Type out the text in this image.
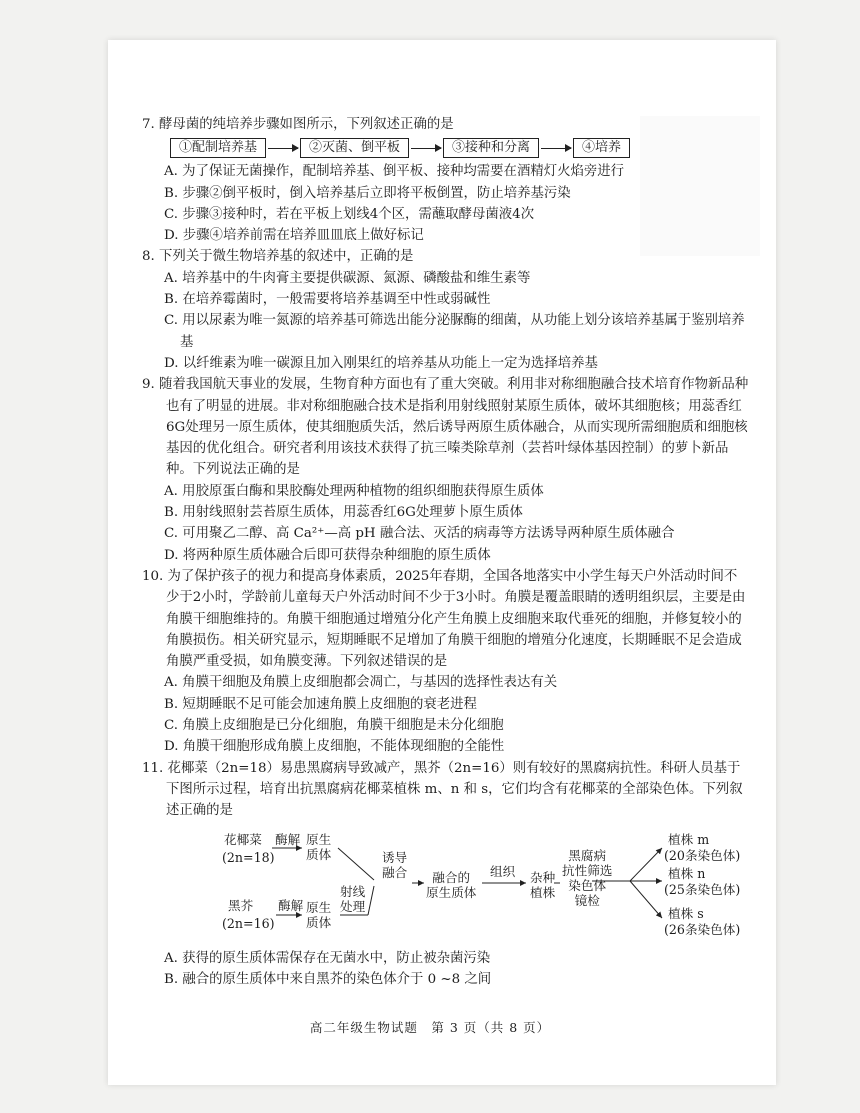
7. 酵母菌的纯培养步骤如图所示，下列叙述正确的是

①配制培养基	②灭菌、倒平板	③接种和分离	④培养

A. 为了保证无菌操作，配制培养基、倒平板、接种均需要在酒精灯火焰旁进行

B. 步骤②倒平板时，倒入培养基后立即将平板倒置，防止培养基污染

C. 步骤③接种时，若在平板上划线4个区，需蘸取酵母菌液4次

D. 步骤④培养前需在培养皿皿底上做好标记

8. 下列关于微生物培养基的叙述中，正确的是

A. 培养基中的牛肉膏主要提供碳源、氮源、磷酸盐和维生素等

B. 在培养霉菌时，一般需要将培养基调至中性或弱碱性

C. 用以尿素为唯一氮源的培养基可筛选出能分泌脲酶的细菌，从功能上划分该培养基属于鉴别培养基

D. 以纤维素为唯一碳源且加入刚果红的培养基从功能上一定为选择培养基

9. 随着我国航天事业的发展，生物育种方面也有了重大突破。利用非对称细胞融合技术培育作物新品种也有了明显的进展。非对称细胞融合技术是指利用射线照射某原生质体，破坏其细胞核；用蕊香红6G处理另一原生质体，使其细胞质失活，然后诱导两原生质体融合，从而实现所需细胞质和细胞核基因的优化组合。研究者利用该技术获得了抗三嗪类除草剂（芸苔叶绿体基因控制）的萝卜新品种。下列说法正确的是

A. 用胶原蛋白酶和果胶酶处理两种植物的组织细胞获得原生质体

B. 用射线照射芸苔原生质体，用蕊香红6G处理萝卜原生质体

C. 可用聚乙二醇、高 Ca²⁺—高 pH 融合法、灭活的病毒等方法诱导两种原生质体融合

D. 将两种原生质体融合后即可获得杂种细胞的原生质体

10. 为了保护孩子的视力和提高身体素质，2025年春期，全国各地落实中小学生每天户外活动时间不少于2小时，学龄前儿童每天户外活动时间不少于3小时。角膜是覆盖眼睛的透明组织层，主要是由角膜干细胞维持的。角膜干细胞通过增殖分化产生角膜上皮细胞来取代垂死的细胞，并修复较小的角膜损伤。相关研究显示，短期睡眠不足增加了角膜干细胞的增殖分化速度，长期睡眠不足会造成角膜严重受损，如角膜变薄。下列叙述错误的是

A. 角膜干细胞及角膜上皮细胞都会凋亡，与基因的选择性表达有关

B. 短期睡眠不足可能会加速角膜上皮细胞的衰老进程

C. 角膜上皮细胞是已分化细胞，角膜干细胞是未分化细胞

D. 角膜干细胞形成角膜上皮细胞，不能体现细胞的全能性

11. 花椰菜（2n=18）易患黑腐病导致减产，黑芥（2n=16）则有较好的黑腐病抗性。科研人员基于下图所示过程，培育出抗黑腐病花椰菜植株 m、n 和 s，它们均含有花椰菜的全部染色体。下列叙述正确的是

花椰菜
(2n=18)
酶解 原生
质体
黑芥
(2n=16)
酶解 原生
质体
射线
处理
诱导
融合	融合的
原生质体
组织 杂种
植株
黑腐病
抗性筛选
染色体
镜检
植株 m
(20条染色体)
植株 n
(25条染色体)
植株 s
(26条染色体)

A. 获得的原生质体需保存在无菌水中，防止被杂菌污染

B. 融合的原生质体中来自黑芥的染色体介于 0 ~8 之间

高二年级生物试题　第 3 页（共 8 页）
